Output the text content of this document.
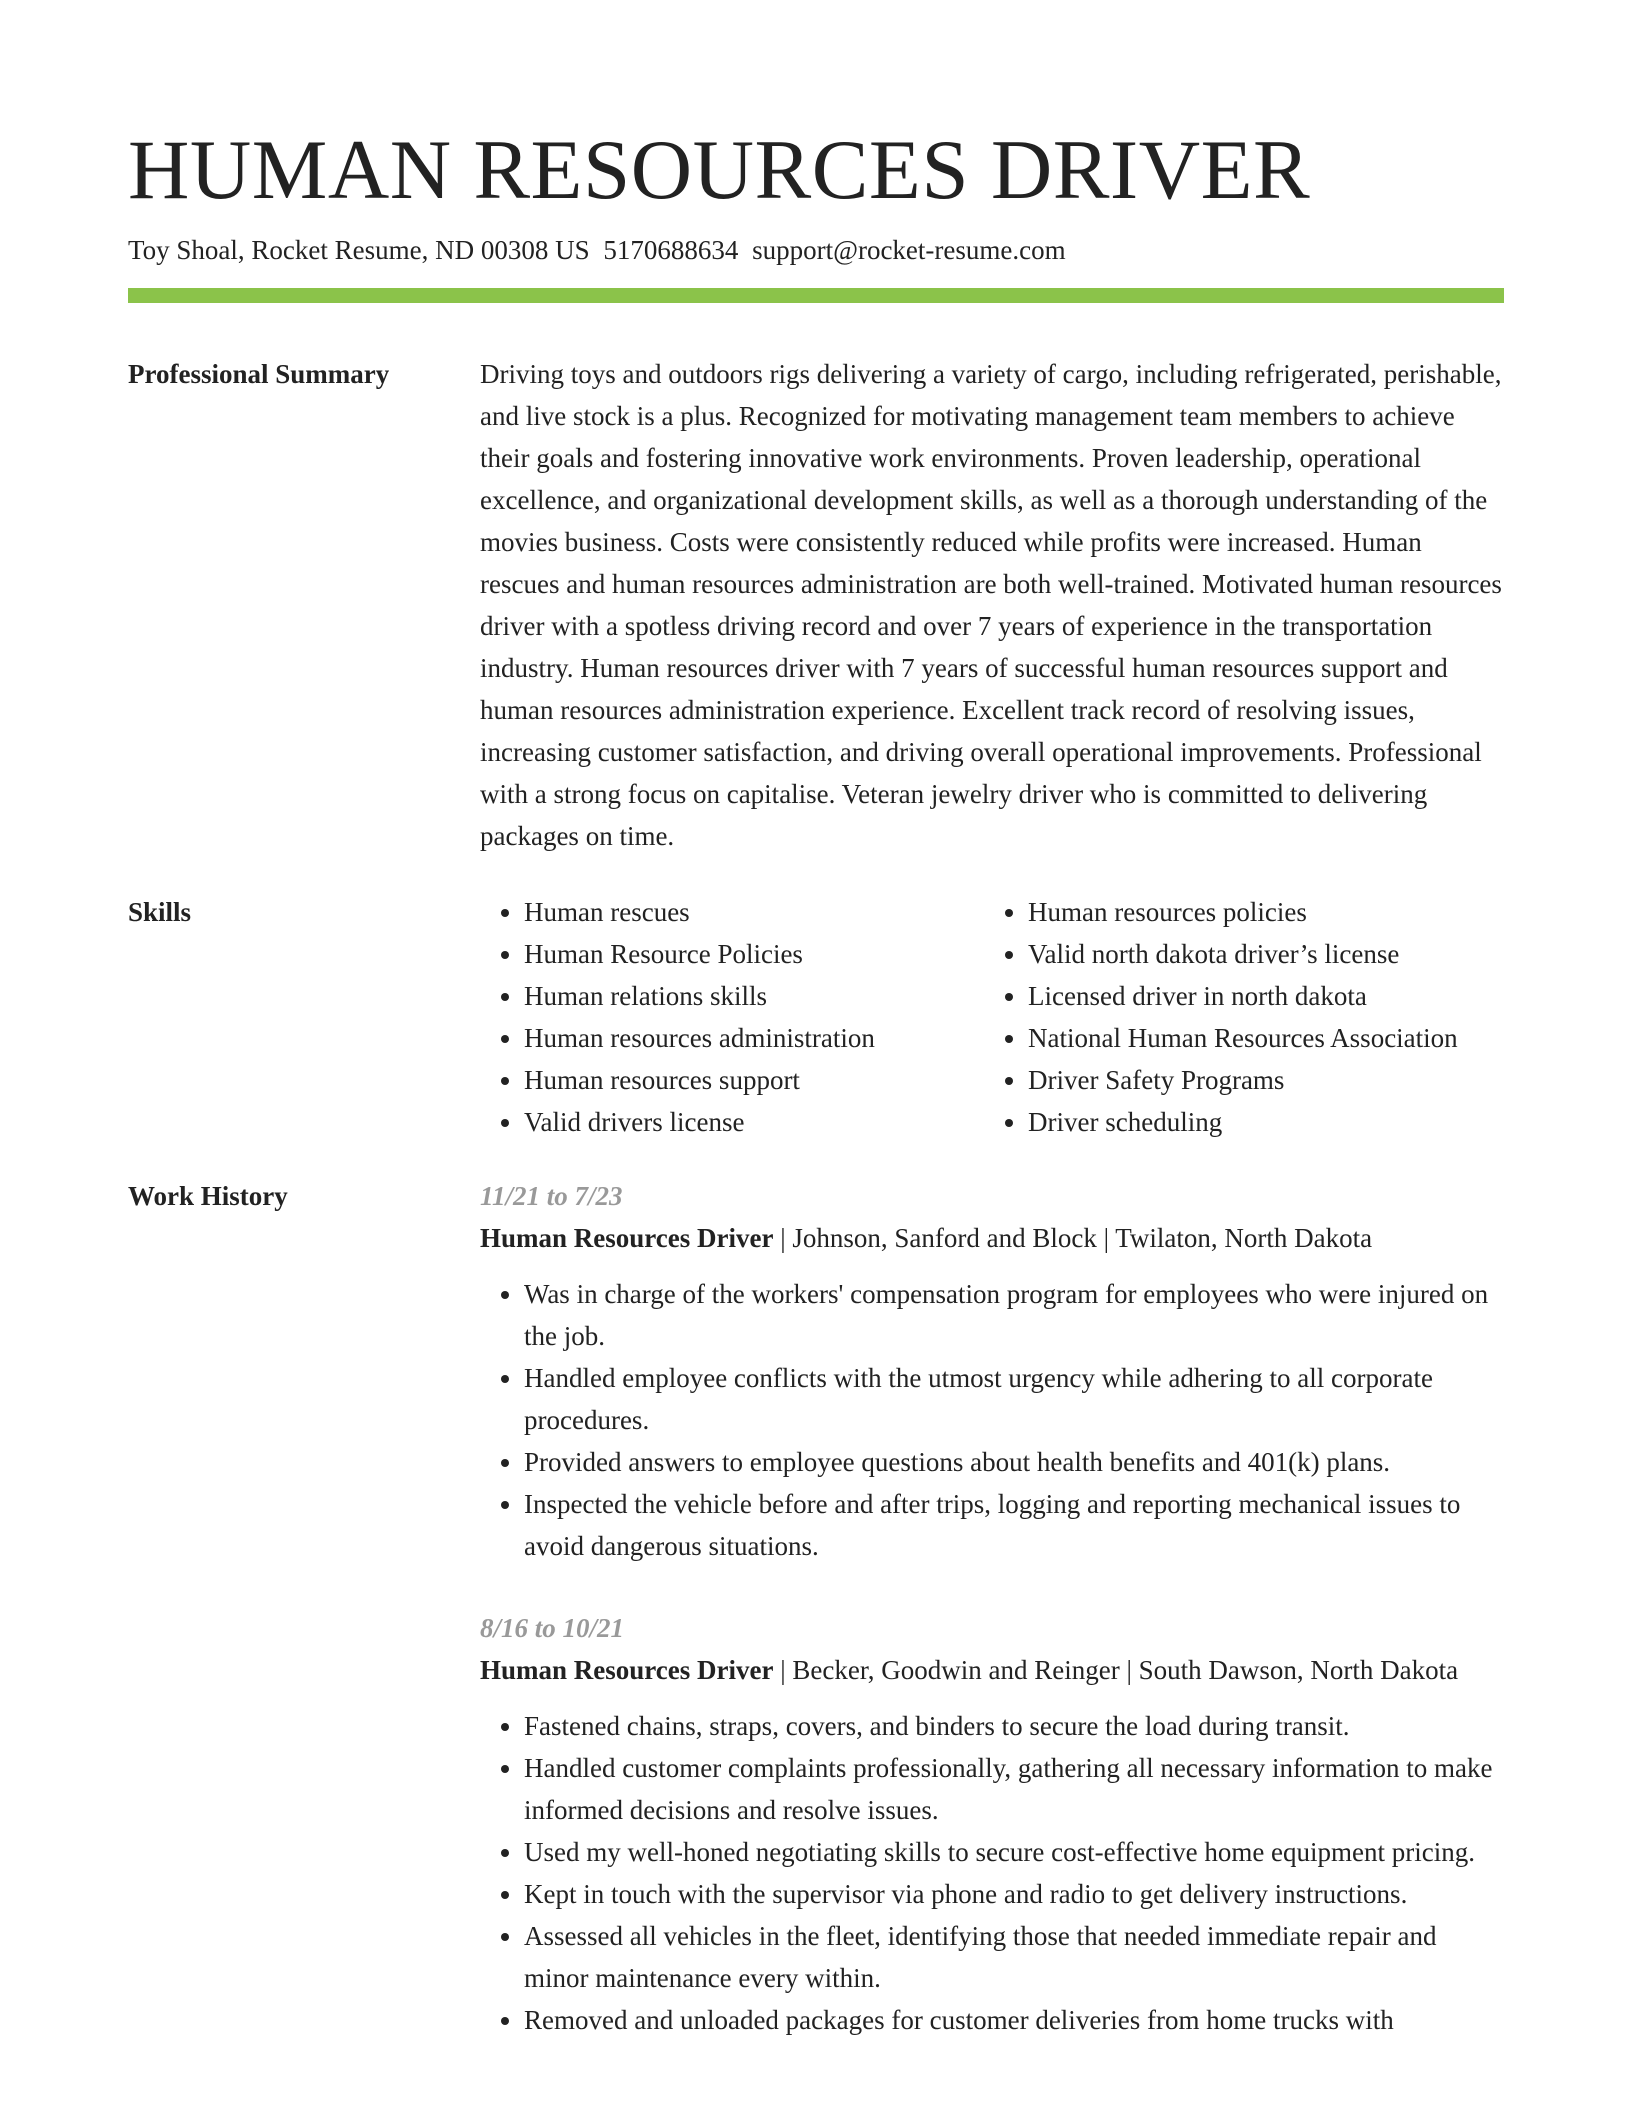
HUMAN RESOURCES DRIVER
Toy Shoal, Rocket Resume, ND 00308 US 5170688634 support@rocket-resume.com
Professional Summary	Driving toys and outdoors rigs delivering a variety of cargo, including refrigerated, perishable, and live stock is a plus. Recognized for motivating management team members to achieve their goals and fostering innovative work environments. Proven leadership, operational excellence, and organizational development skills, as well as a thorough understanding of the movies business. Costs were consistently reduced while profits were increased. Human rescues and human resources administration are both well-trained. Motivated human resources driver with a spotless driving record and over 7 years of experience in the transportation industry. Human resources driver with 7 years of successful human resources support and human resources administration experience. Excellent track record of resolving issues, increasing customer satisfaction, and driving overall operational improvements. Professional with a strong focus on capitalise. Veteran jewelry driver who is committed to delivering packages on time.

Skills
•	Human rescues
• Human Resource Policies
• Human relations skills
• Human resources administration
• Human resources support
• Valid drivers license
• Human resources policies
• Valid north dakota driver’s license
• Licensed driver in north dakota
• National Human Resources Association
• Driver Safety Programs
• Driver scheduling
Work History	11/21 to 7/23
Human Resources Driver | Johnson, Sanford and Block | Twilaton, North Dakota
• Was in charge of the workers' compensation program for employees who were injured on the job.
• Handled employee conflicts with the utmost urgency while adhering to all corporate procedures.
• Provided answers to employee questions about health benefits and 401(k) plans.
• Inspected the vehicle before and after trips, logging and reporting mechanical issues to avoid dangerous situations.
8/16 to 10/21
Human Resources Driver | Becker, Goodwin and Reinger | South Dawson, North Dakota
• Fastened chains, straps, covers, and binders to secure the load during transit.
• Handled customer complaints professionally, gathering all necessary information to make informed decisions and resolve issues.
• Used my well-honed negotiating skills to secure cost-effective home equipment pricing.
• Kept in touch with the supervisor via phone and radio to get delivery instructions.
• Assessed all vehicles in the fleet, identifying those that needed immediate repair and minor maintenance every within.
• Removed and unloaded packages for customer deliveries from home trucks with
